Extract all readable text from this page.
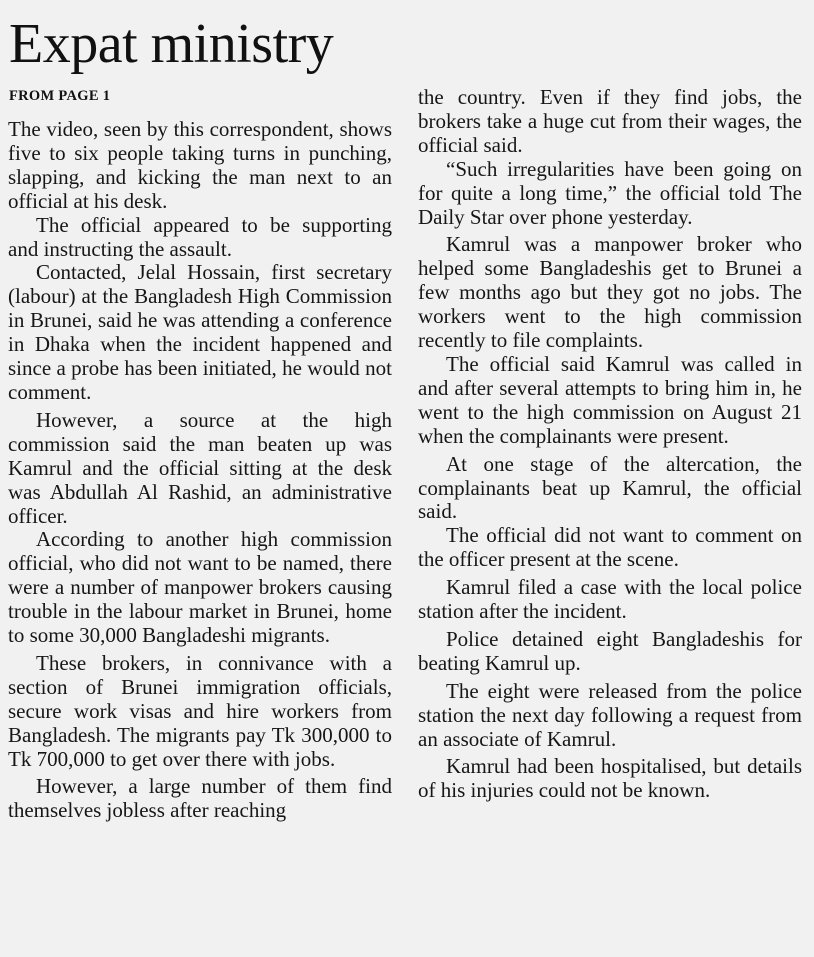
Expat ministry
FROM PAGE 1

The video, seen by this correspondent, shows five to six people taking turns in punching, slapping, and kicking the man next to an official at his desk.

The official appeared to be supporting and instructing the assault.

Contacted, Jelal Hossain, first secretary (labour) at the Bangladesh High Commission in Brunei, said he was attending a conference in Dhaka when the incident happened and since a probe has been initiated, he would not comment.

However, a source at the high commission said the man beaten up was Kamrul and the official sitting at the desk was Abdullah Al Rashid, an administrative officer.

According to another high commission official, who did not want to be named, there were a number of manpower brokers causing trouble in the labour market in Brunei, home to some 30,000 Bangladeshi migrants.

These brokers, in connivance with a section of Brunei immigration officials, secure work visas and hire workers from Bangladesh. The migrants pay Tk 300,000 to Tk 700,000 to get over there with jobs.

However, a large number of them find themselves jobless after reaching

the country. Even if they find jobs, the brokers take a huge cut from their wages, the official said.

“Such irregularities have been going on for quite a long time,” the official told The Daily Star over phone yesterday.

Kamrul was a manpower broker who helped some Bangladeshis get to Brunei a few months ago but they got no jobs. The workers went to the high commission recently to file complaints.

The official said Kamrul was called in and after several attempts to bring him in, he went to the high commission on August 21 when the complainants were present.

At one stage of the altercation, the complainants beat up Kamrul, the official said.

The official did not want to comment on the officer present at the scene.

Kamrul filed a case with the local police station after the incident.

Police detained eight Bangladeshis for beating Kamrul up.

The eight were released from the police station the next day following a request from an associate of Kamrul.

Kamrul had been hospitalised, but details of his injuries could not be known.
